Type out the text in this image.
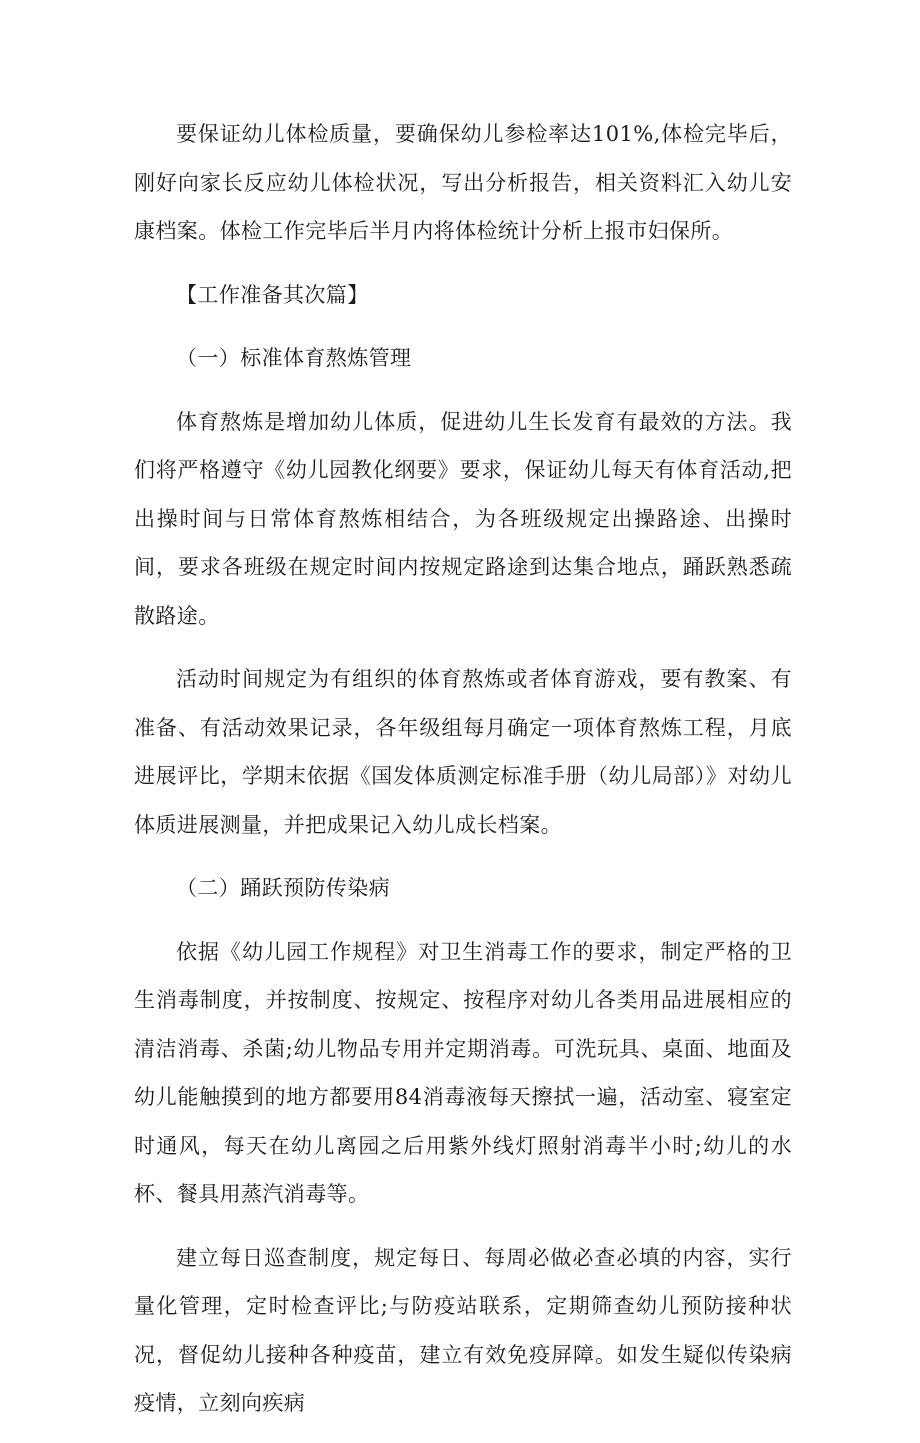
要保证幼儿体检质量，要确保幼儿参检率达101%,体检完毕后，刚好向家长反应幼儿体检状况，写出分析报告，相关资料汇入幼儿安康档案。体检工作完毕后半月内将体检统计分析上报市妇保所。

【工作准备其次篇】

（一）标准体育熬炼管理

体育熬炼是增加幼儿体质，促进幼儿生长发育有最效的方法。我们将严格遵守《幼儿园教化纲要》要求，保证幼儿每天有体育活动,把出操时间与日常体育熬炼相结合，为各班级规定出操路途、出操时间，要求各班级在规定时间内按规定路途到达集合地点，踊跃熟悉疏散路途。

活动时间规定为有组织的体育熬炼或者体育游戏，要有教案、有准备、有活动效果记录，各年级组每月确定一项体育熬炼工程，月底进展评比，学期末依据《国发体质测定标准手册（幼儿局部）》对幼儿体质进展测量，并把成果记入幼儿成长档案。

（二）踊跃预防传染病

依据《幼儿园工作规程》对卫生消毒工作的要求，制定严格的卫生消毒制度，并按制度、按规定、按程序对幼儿各类用品进展相应的清洁消毒、杀菌;幼儿物品专用并定期消毒。可洗玩具、桌面、地面及幼儿能触摸到的地方都要用84消毒液每天擦拭一遍，活动室、寝室定时通风，每天在幼儿离园之后用紫外线灯照射消毒半小时;幼儿的水杯、餐具用蒸汽消毒等。

建立每日巡查制度，规定每日、每周必做必查必填的内容，实行量化管理，定时检查评比;与防疫站联系，定期筛查幼儿预防接种状况，督促幼儿接种各种疫苗，建立有效免疫屏障。如发生疑似传染病疫情，立刻向疾病
